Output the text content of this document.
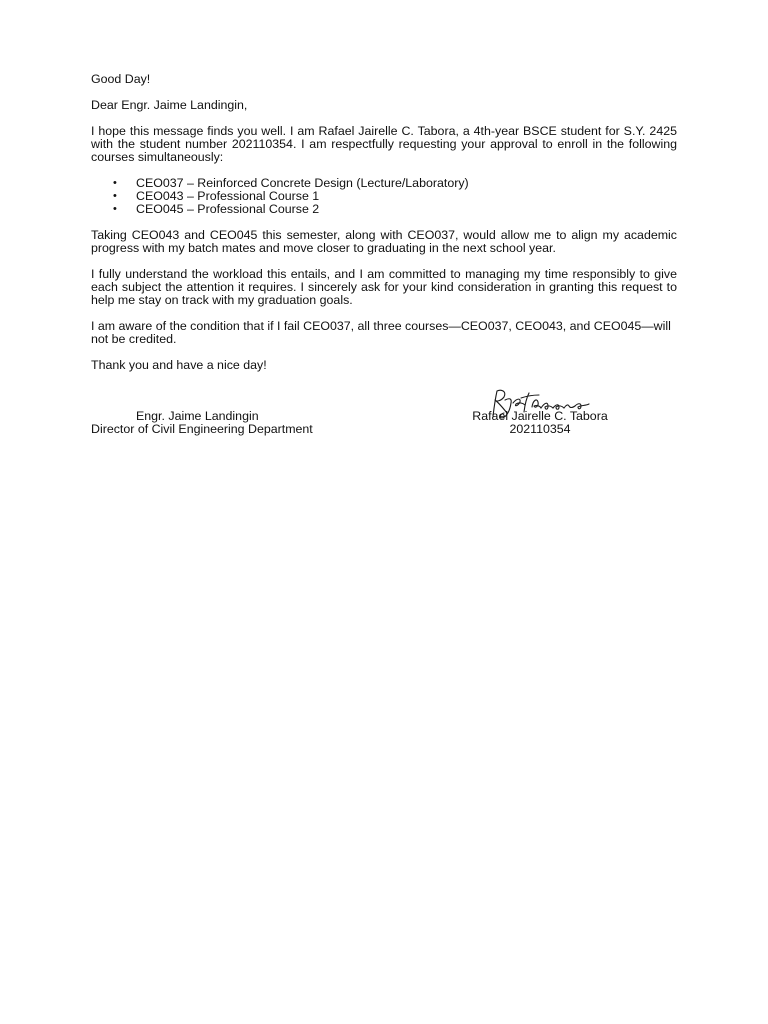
Good Day!

Dear Engr. Jaime Landingin,

I hope this message finds you well. I am Rafael Jairelle C. Tabora, a 4th-year BSCE student for S.Y. 2425 with the student number 202110354. I am respectfully requesting your approval to enroll in the following courses simultaneously:

• CEO037 – Reinforced Concrete Design (Lecture/Laboratory)
• CEO043 – Professional Course 1
• CEO045 – Professional Course 2

Taking CEO043 and CEO045 this semester, along with CEO037, would allow me to align my academic progress with my batch mates and move closer to graduating in the next school year.

I fully understand the workload this entails, and I am committed to managing my time responsibly to give each subject the attention it requires. I sincerely ask for your kind consideration in granting this request to help me stay on track with my graduation goals.

I am aware of the condition that if I fail CEO037, all three courses—CEO037, CEO043, and CEO045—will not be credited.

Thank you and have a nice day!

Engr. Jaime Landingin
Director of Civil Engineering Department
Rafael Jairelle C. Tabora
202110354
